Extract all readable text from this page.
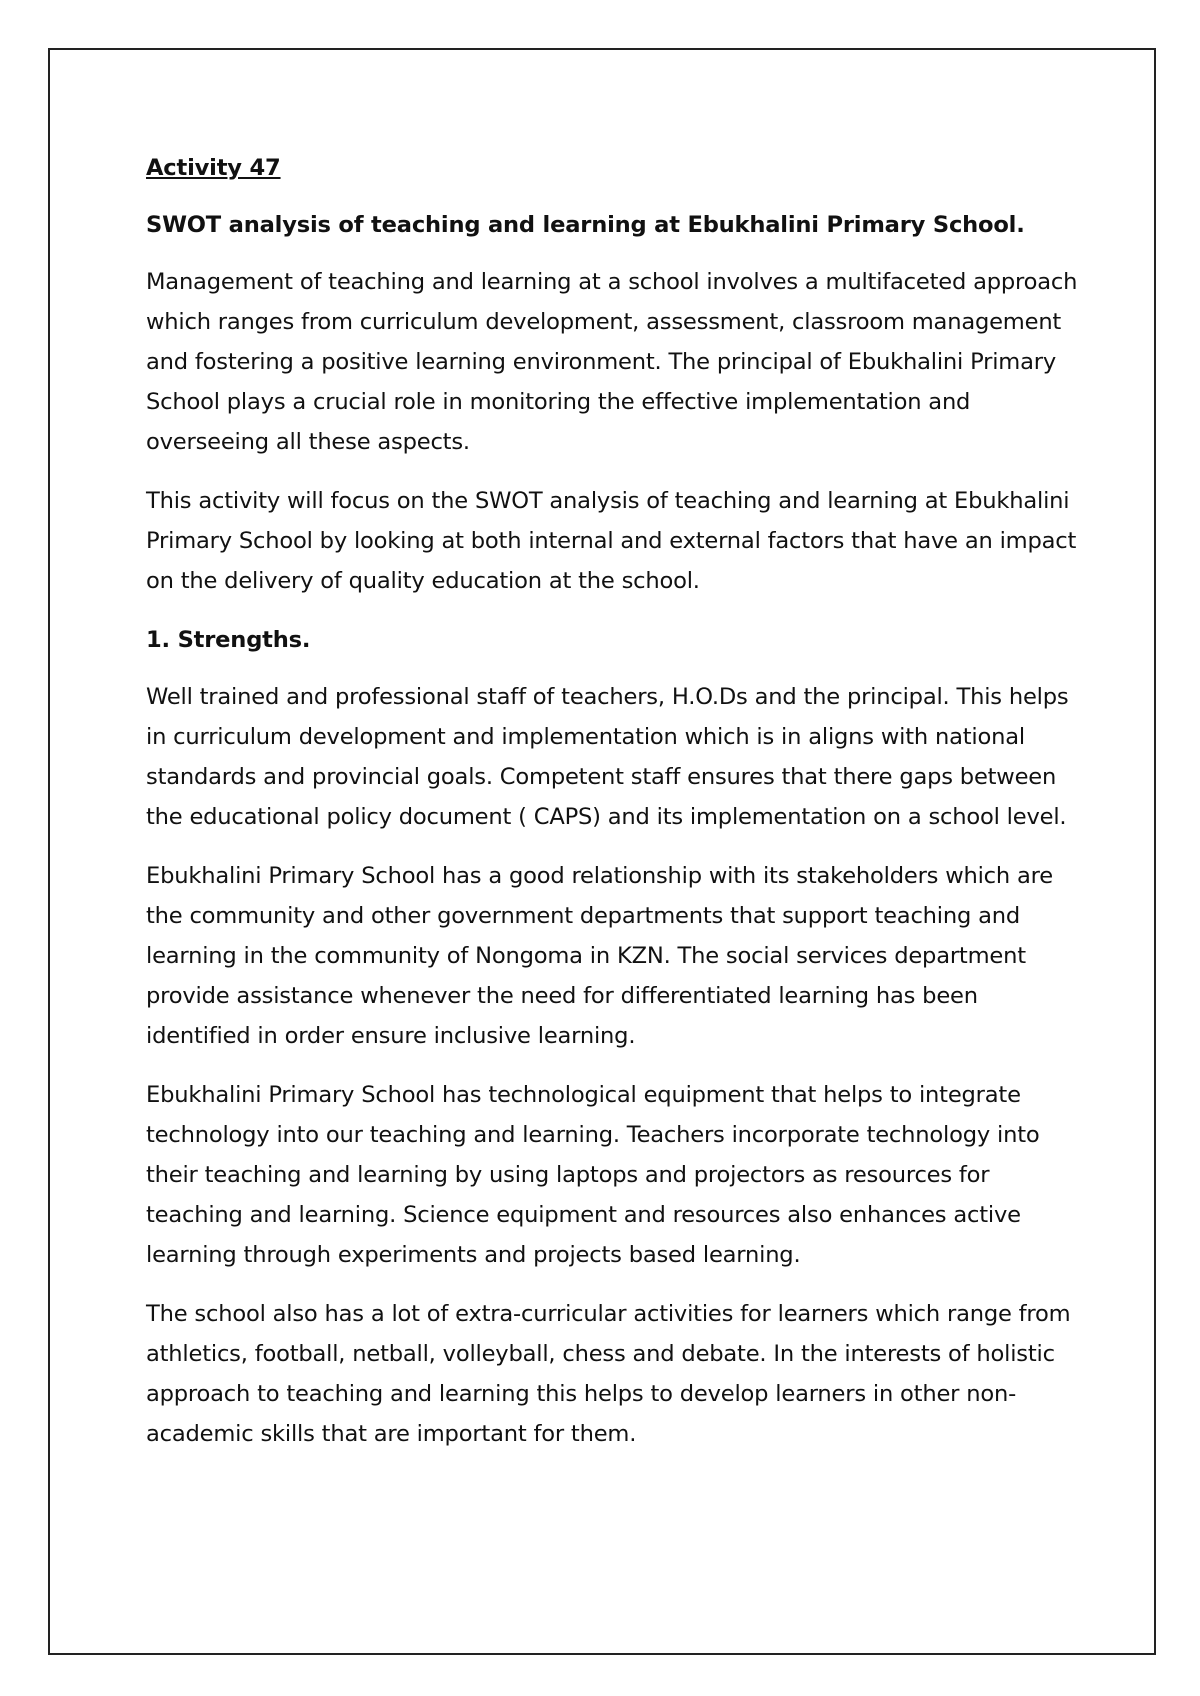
Activity 47

SWOT analysis of teaching and learning at Ebukhalini Primary School.

Management of teaching and learning at a school involves a multifaceted approach which ranges from curriculum development, assessment, classroom management and fostering a positive learning environment. The principal of Ebukhalini Primary School plays a crucial role in monitoring the effective implementation and overseeing all these aspects.

This activity will focus on the SWOT analysis of teaching and learning at Ebukhalini Primary School by looking at both internal and external factors that have an impact on the delivery of quality education at the school.

1. Strengths.

Well trained and professional staff of teachers, H.O.Ds and the principal. This helps in curriculum development and implementation which is in aligns with national standards and provincial goals. Competent staff ensures that there gaps between the educational policy document ( CAPS) and its implementation on a school level.

Ebukhalini Primary School has a good relationship with its stakeholders which are the community and other government departments that support teaching and learning in the community of Nongoma in KZN. The social services department provide assistance whenever the need for differentiated learning has been identified in order ensure inclusive learning.

Ebukhalini Primary School has technological equipment that helps to integrate technology into our teaching and learning. Teachers incorporate technology into their teaching and learning by using laptops and projectors as resources for teaching and learning. Science equipment and resources also enhances active learning through experiments and projects based learning.

The school also has a lot of extra-curricular activities for learners which range from athletics, football, netball, volleyball, chess and debate. In the interests of holistic approach to teaching and learning this helps to develop learners in other non-academic skills that are important for them.
